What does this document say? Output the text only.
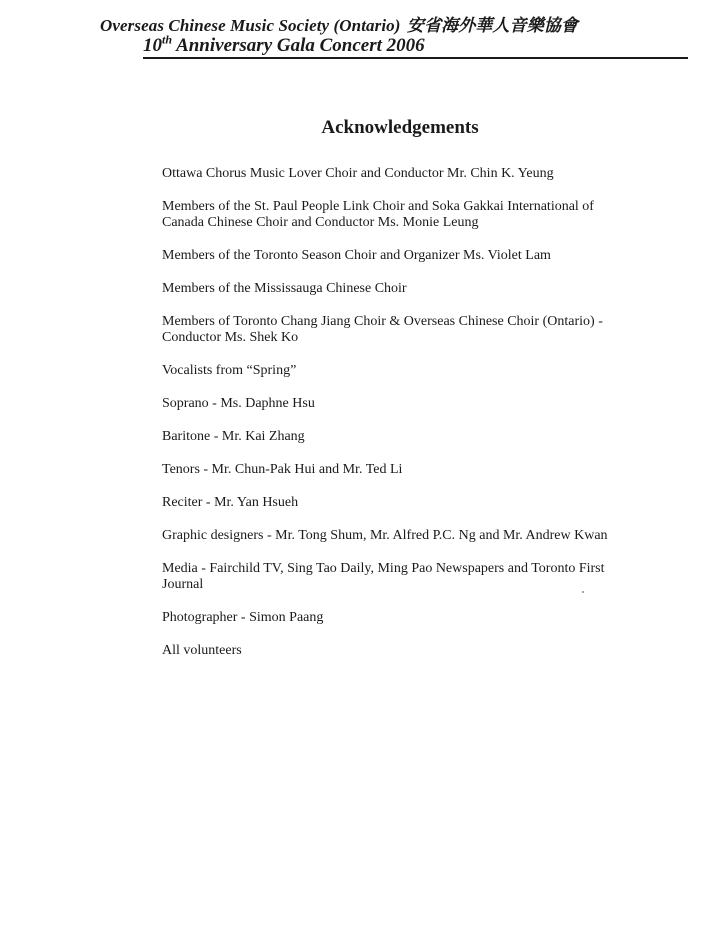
Overseas Chinese Music Society (Ontario) 安省海外華人音樂協會
10th Anniversary Gala Concert 2006
Acknowledgements
Ottawa Chorus Music Lover Choir and Conductor Mr. Chin K. Yeung
Members of the St. Paul People Link Choir and Soka Gakkai International of Canada Chinese Choir and Conductor Ms. Monie Leung
Members of the Toronto Season Choir and Organizer Ms. Violet Lam
Members of the Mississauga Chinese Choir
Members of Toronto Chang Jiang Choir & Overseas Chinese Choir (Ontario) - Conductor Ms. Shek Ko
Vocalists from “Spring”
Soprano - Ms. Daphne Hsu
Baritone - Mr. Kai Zhang
Tenors - Mr. Chun-Pak Hui and Mr. Ted Li
Reciter - Mr. Yan Hsueh
Graphic designers - Mr. Tong Shum, Mr. Alfred P.C. Ng and Mr. Andrew Kwan
Media - Fairchild TV, Sing Tao Daily, Ming Pao Newspapers and Toronto First Journal
Photographer - Simon Paang
All volunteers
